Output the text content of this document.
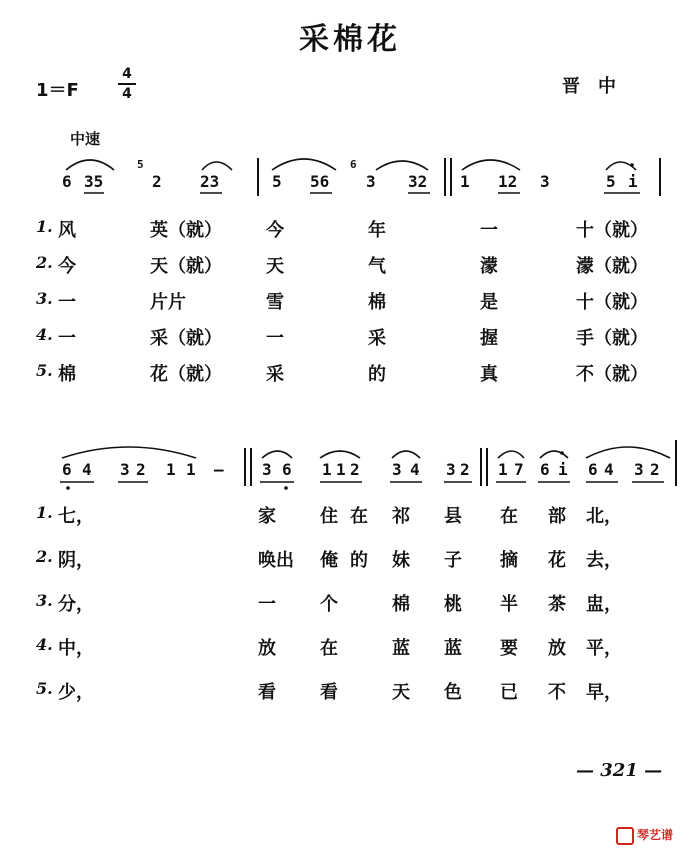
采棉花
1＝F
4
4	晋中
中速
6 35	2 23	5 56 3 32 1 12 3	5 i
5	6
1. 风	英（就） 今	年	一	十（就）
2. 今	天（就） 天	气	濛	濛（就）
3. 一	片片	雪	棉	是	十（就）
4. 一	采（就） 一	采	握	手（就）
5. 棉	花（就） 采	的	真	不（就）
6 4 3 2 1 1 — 3 6 1 1 2 3 4 3 2 1 7 6 i 6 4 3 2
1. 七，	家 住 在 祁 县 在 部 北，
2. 阴，	唤出 俺 的 妹 子 摘 花 去，
3. 分，	一 个	棉 桃 半 茶 盅，
4. 中，	放 在	蓝 蓝 要 放 平，
5. 少，	看 看	天 色 已 不 早，
— 321 —
琴艺谱
